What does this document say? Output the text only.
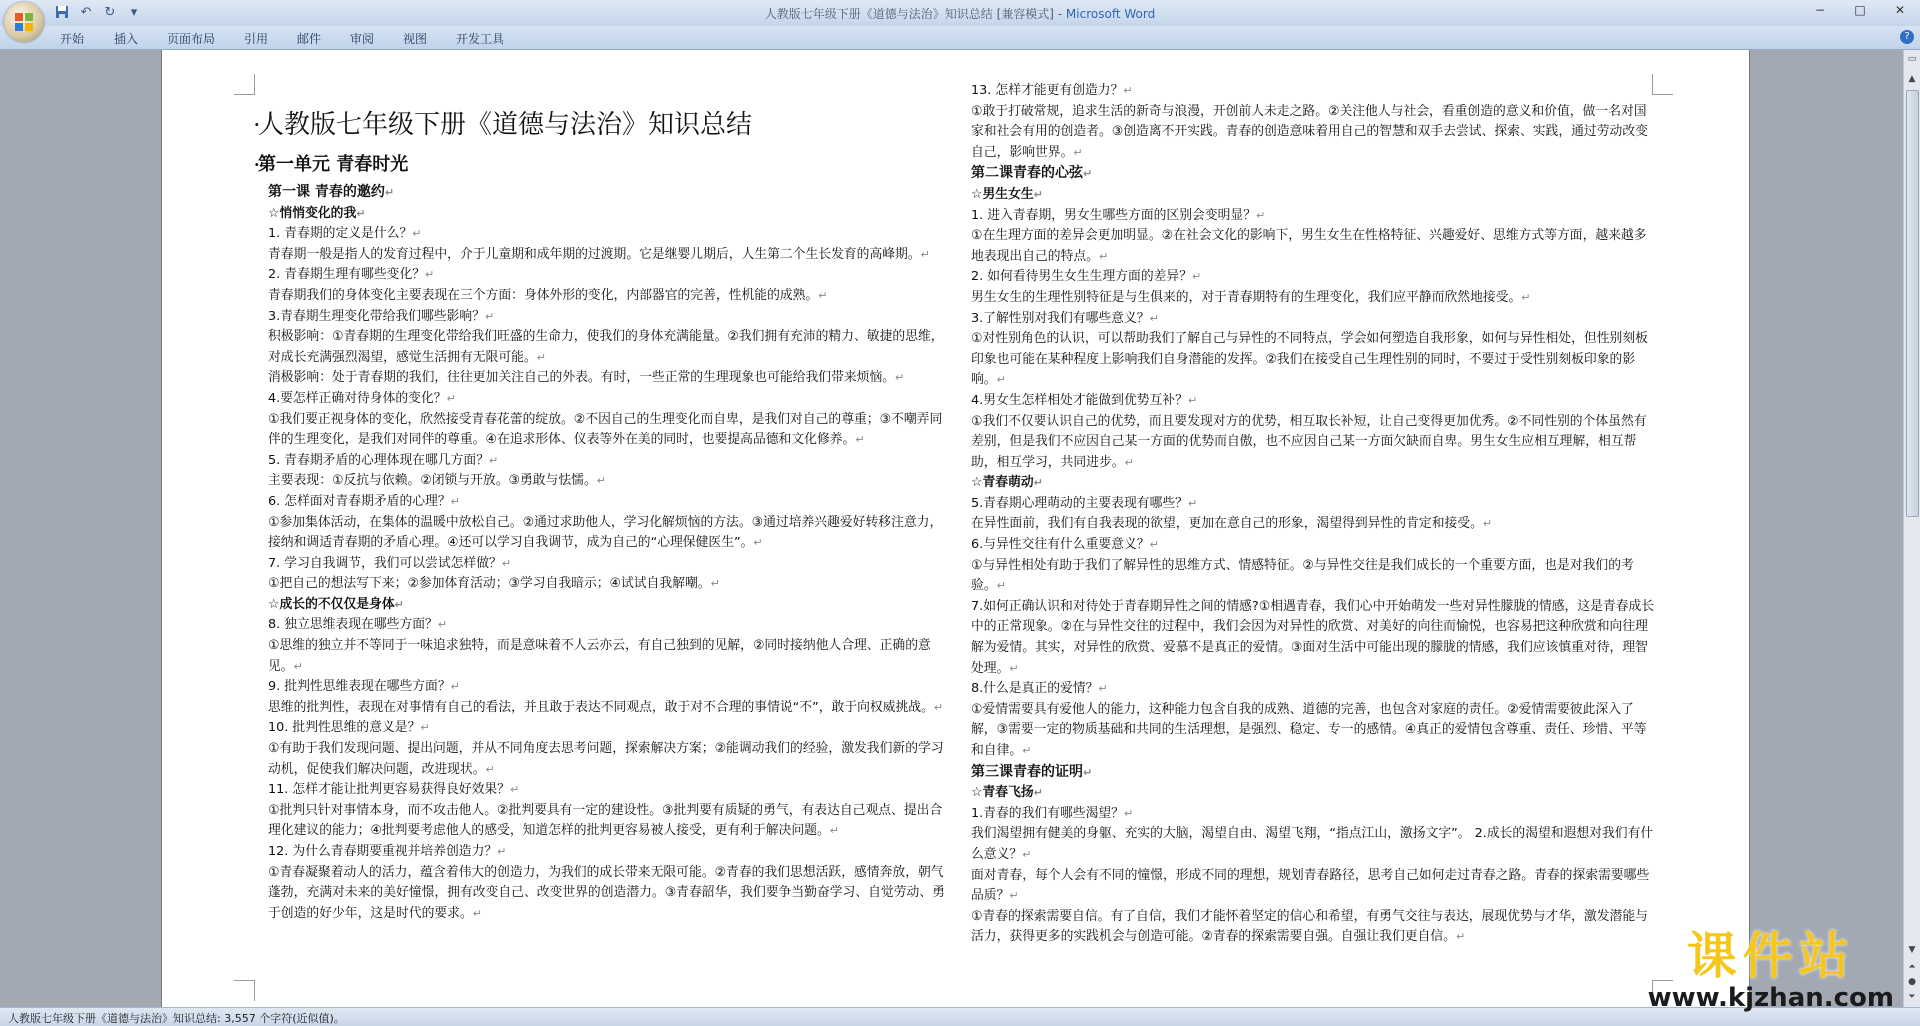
人教版七年级下册《道德与法治》知识总结 [兼容模式] - Microsoft Word
↶ ↻	▾	−	□	✕
开始 插入 页面布局 引用 邮件 审阅 视图 开发工具	?

·
人教版七年级下册《道德与法治》知识总结

·
第一单元 青春时光

第一课 青春的邀约↵

☆悄悄变化的我↵

1. 青春期的定义是什么？↵

青春期一般是指人的发育过程中，介于儿童期和成年期的过渡期。它是继婴儿期后，人生第二个生长发育的高峰期。↵

2. 青春期生理有哪些变化？↵

青春期我们的身体变化主要表现在三个方面：身体外形的变化，内部器官的完善，性机能的成熟。↵

3.青春期生理变化带给我们哪些影响？↵

积极影响：①青春期的生理变化带给我们旺盛的生命力，使我们的身体充满能量。②我们拥有充沛的精力、敏捷的思维，对成长充满强烈渴望，感觉生活拥有无限可能。↵

消极影响：处于青春期的我们，往往更加关注自己的外表。有时，一些正常的生理现象也可能给我们带来烦恼。↵

4.要怎样正确对待身体的变化？↵

①我们要正视身体的变化，欣然接受青春花蕾的绽放。②不因自己的生理变化而自卑，是我们对自己的尊重；③不嘲弄同伴的生理变化，是我们对同伴的尊重。④在追求形体、仪表等外在美的同时，也要提高品德和文化修养。↵

5. 青春期矛盾的心理体现在哪几方面？↵

主要表现：①反抗与依赖。②闭锁与开放。③勇敢与怯懦。↵

6. 怎样面对青春期矛盾的心理？↵

①参加集体活动，在集体的温暖中放松自己。②通过求助他人，学习化解烦恼的方法。③通过培养兴趣爱好转移注意力，接纳和调适青春期的矛盾心理。④还可以学习自我调节，成为自己的“心理保健医生”。↵

7. 学习自我调节，我们可以尝试怎样做？↵

①把自己的想法写下来；②参加体育活动；③学习自我暗示；④试试自我解嘲。↵

☆成长的不仅仅是身体↵

8. 独立思维表现在哪些方面？↵

①思维的独立并不等同于一味追求独特，而是意味着不人云亦云，有自己独到的见解，②同时接纳他人合理、正确的意见。↵

9. 批判性思维表现在哪些方面？↵

思维的批判性，表现在对事情有自己的看法，并且敢于表达不同观点，敢于对不合理的事情说“不”，敢于向权威挑战。↵

10. 批判性思维的意义是？↵

①有助于我们发现问题、提出问题，并从不同角度去思考问题，探索解决方案；②能调动我们的经验，激发我们新的学习动机，促使我们解决问题，改进现状。↵

11. 怎样才能让批判更容易获得良好效果？↵

①批判只针对事情本身，而不攻击他人。②批判要具有一定的建设性。③批判要有质疑的勇气，有表达自己观点、提出合理化建议的能力；④批判要考虑他人的感受，知道怎样的批判更容易被人接受，更有利于解决问题。↵

12. 为什么青春期要重视并培养创造力？↵

①青春凝聚着动人的活力，蕴含着伟大的创造力，为我们的成长带来无限可能。②青春的我们思想活跃，感情奔放，朝气蓬勃，充满对未来的美好憧憬，拥有改变自己、改变世界的创造潜力。③青春韶华，我们要争当勤奋学习、自觉劳动、勇于创造的好少年，这是时代的要求。↵

13. 怎样才能更有创造力？↵

①敢于打破常规，追求生活的新奇与浪漫，开创前人未走之路。②关注他人与社会，看重创造的意义和价值，做一名对国家和社会有用的创造者。③创造离不开实践。青春的创造意味着用自己的智慧和双手去尝试、探索、实践，通过劳动改变自己，影响世界。↵

第二课青春的心弦↵

☆男生女生↵

1. 进入青春期，男女生哪些方面的区别会变明显？↵

①在生理方面的差异会更加明显。②在社会文化的影响下，男生女生在性格特征、兴趣爱好、思维方式等方面，越来越多地表现出自己的特点。↵

2. 如何看待男生女生生理方面的差异？↵

男生女生的生理性别特征是与生俱来的，对于青春期特有的生理变化，我们应平静而欣然地接受。↵

3.了解性别对我们有哪些意义？↵

①对性别角色的认识，可以帮助我们了解自己与异性的不同特点，学会如何塑造自我形象，如何与异性相处，但性别刻板印象也可能在某种程度上影响我们自身潜能的发挥。②我们在接受自己生理性别的同时，不要过于受性别刻板印象的影响。↵

4.男女生怎样相处才能做到优势互补？↵

①我们不仅要认识自己的优势，而且要发现对方的优势，相互取长补短，让自己变得更加优秀。②不同性别的个体虽然有差别，但是我们不应因自己某一方面的优势而自傲，也不应因自己某一方面欠缺而自卑。男生女生应相互理解，相互帮助，相互学习，共同进步。↵

☆青春萌动↵

5.青春期心理萌动的主要表现有哪些？↵

在异性面前，我们有自我表现的欲望，更加在意自己的形象，渴望得到异性的肯定和接受。↵

6.与异性交往有什么重要意义？↵

①与异性相处有助于我们了解异性的思维方式、情感特征。②与异性交往是我们成长的一个重要方面，也是对我们的考验。↵

7.如何正确认识和对待处于青春期异性之间的情感?①相遇青春，我们心中开始萌发一些对异性朦胧的情感，这是青春成长中的正常现象。②在与异性交往的过程中，我们会因为对异性的欣赏、对美好的向往而愉悦，也容易把这种欣赏和向往理解为爱情。其实，对异性的欣赏、爱慕不是真正的爱情。③面对生活中可能出现的朦胧的情感，我们应该慎重对待，理智处理。↵

8.什么是真正的爱情？↵

①爱情需要具有爱他人的能力，这种能力包含自我的成熟、道德的完善，也包含对家庭的责任。②爱情需要彼此深入了解，③需要一定的物质基础和共同的生活理想，是强烈、稳定、专一的感情。④真正的爱情包含尊重、责任、珍惜、平等和自律。↵

第三课青春的证明↵

☆青春飞扬↵

1.青春的我们有哪些渴望？↵

我们渴望拥有健美的身躯、充实的大脑，渴望自由、渴望飞翔，“指点江山，激扬文字”。 2.成长的渴望和遐想对我们有什么意义？↵

面对青春，每个人会有不同的憧憬，形成不同的理想，规划青春路径，思考自己如何走过青春之路。青春的探索需要哪些品质？↵

①青春的探索需要自信。有了自信，我们才能怀着坚定的信心和希望，有勇气交往与表达，展现优势与才华，激发潜能与活力，获得更多的实践机会与创造可能。②青春的探索需要自强。自强让我们更自信。↵

▭
▲
▼
⏶
●
⏷
课件站
www.kjzhan.com
人教版七年级下册《道德与法治》知识总结: 3,557 个字符(近似值)。
